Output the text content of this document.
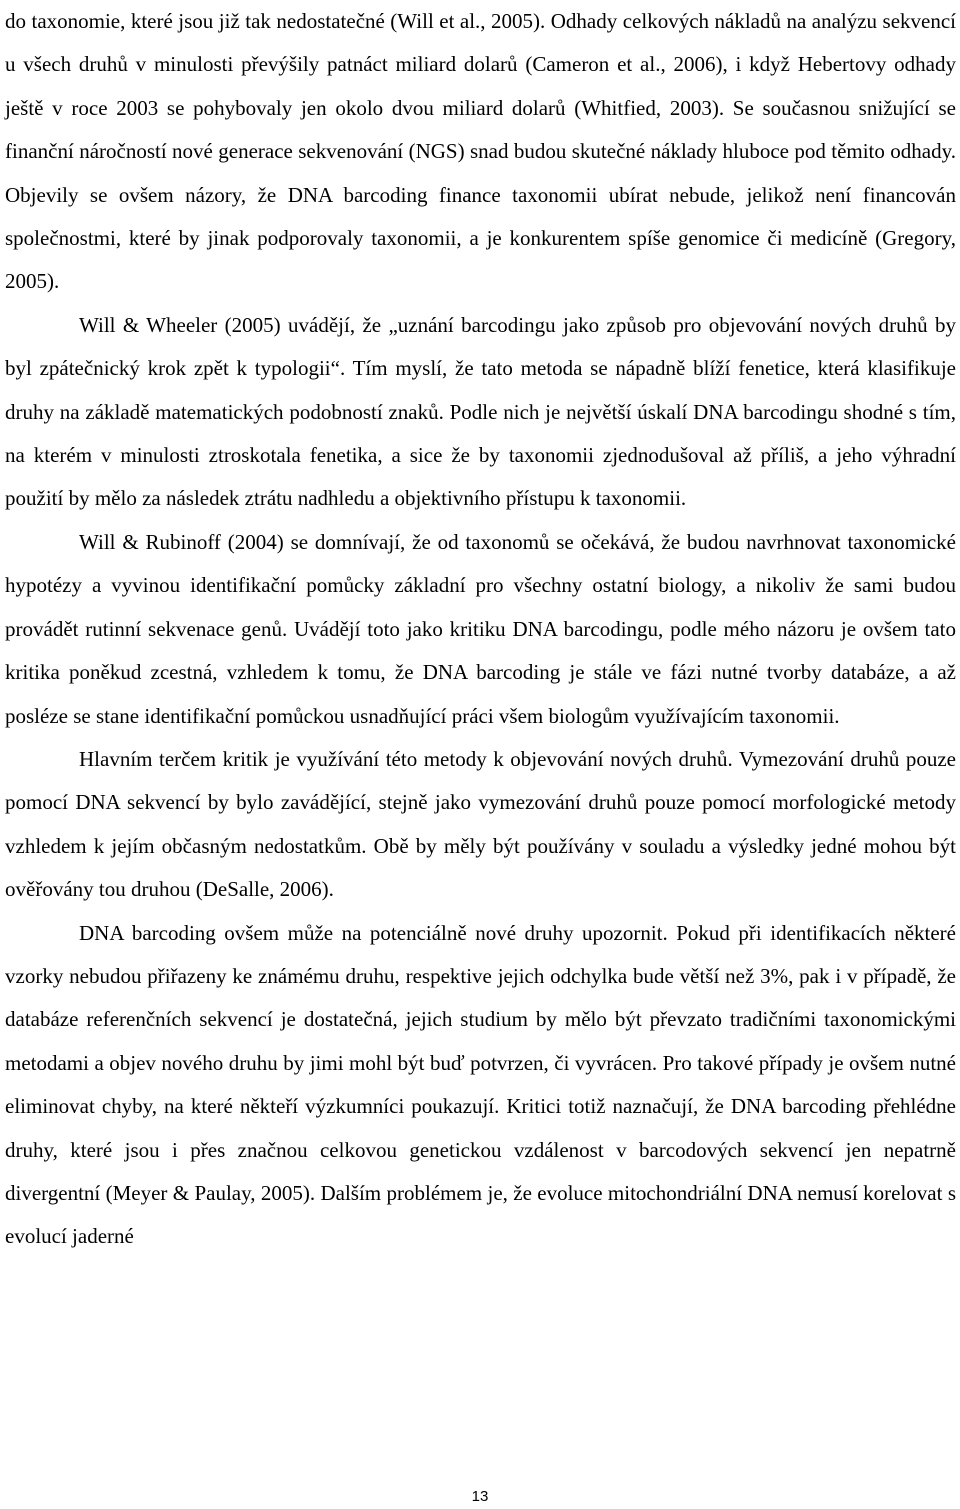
do taxonomie, které jsou již tak nedostatečné (Will et al., 2005). Odhady celkových nákladů na analýzu sekvencí u všech druhů v minulosti převýšily patnáct miliard dolarů (Cameron et al., 2006), i když Hebertovy odhady ještě v roce 2003 se pohybovaly jen okolo dvou miliard dolarů (Whitfied, 2003). Se současnou snižující se finanční náročností nové generace sekvenování (NGS) snad budou skutečné náklady hluboce pod těmito odhady. Objevily se ovšem názory, že DNA barcoding finance taxonomii ubírat nebude, jelikož není financován společnostmi, které by jinak podporovaly taxonomii, a je konkurentem spíše genomice či medicíně (Gregory, 2005).

Will & Wheeler (2005) uvádějí, že „uznání barcodingu jako způsob pro objevování nových druhů by byl zpátečnický krok zpět k typologii“. Tím myslí, že tato metoda se nápadně blíží fenetice, která klasifikuje druhy na základě matematických podobností znaků. Podle nich je největší úskalí DNA barcodingu shodné s tím, na kterém v minulosti ztroskotala fenetika, a sice že by taxonomii zjednodušoval až příliš, a jeho výhradní použití by mělo za následek ztrátu nadhledu a objektivního přístupu k taxonomii.

Will & Rubinoff (2004) se domnívají, že od taxonomů se očekává, že budou navrhnovat taxonomické hypotézy a vyvinou identifikační pomůcky základní pro všechny ostatní biology, a nikoliv že sami budou provádět rutinní sekvenace genů. Uvádějí toto jako kritiku DNA barcodingu, podle mého názoru je ovšem tato kritika poněkud zcestná, vzhledem k tomu, že DNA barcoding je stále ve fázi nutné tvorby databáze, a až posléze se stane identifikační pomůckou usnadňující práci všem biologům využívajícím taxonomii.

Hlavním terčem kritik je využívání této metody k objevování nových druhů. Vymezování druhů pouze pomocí DNA sekvencí by bylo zavádějící, stejně jako vymezování druhů pouze pomocí morfologické metody vzhledem k jejím občasným nedostatkům. Obě by měly být používány v souladu a výsledky jedné mohou být ověřovány tou druhou (DeSalle, 2006).

DNA barcoding ovšem může na potenciálně nové druhy upozornit. Pokud při identifikacích některé vzorky nebudou přiřazeny ke známému druhu, respektive jejich odchylka bude větší než 3%, pak i v případě, že databáze referenčních sekvencí je dostatečná, jejich studium by mělo být převzato tradičními taxonomickými metodami a objev nového druhu by jimi mohl být buď potvrzen, či vyvrácen. Pro takové případy je ovšem nutné eliminovat chyby, na které někteří výzkumníci poukazují. Kritici totiž naznačují, že DNA barcoding přehlédne druhy, které jsou i přes značnou celkovou genetickou vzdálenost v barcodových sekvencí jen nepatrně divergentní (Meyer & Paulay, 2005). Dalším problémem je, že evoluce mitochondriální DNA nemusí korelovat s evolucí jaderné

13
